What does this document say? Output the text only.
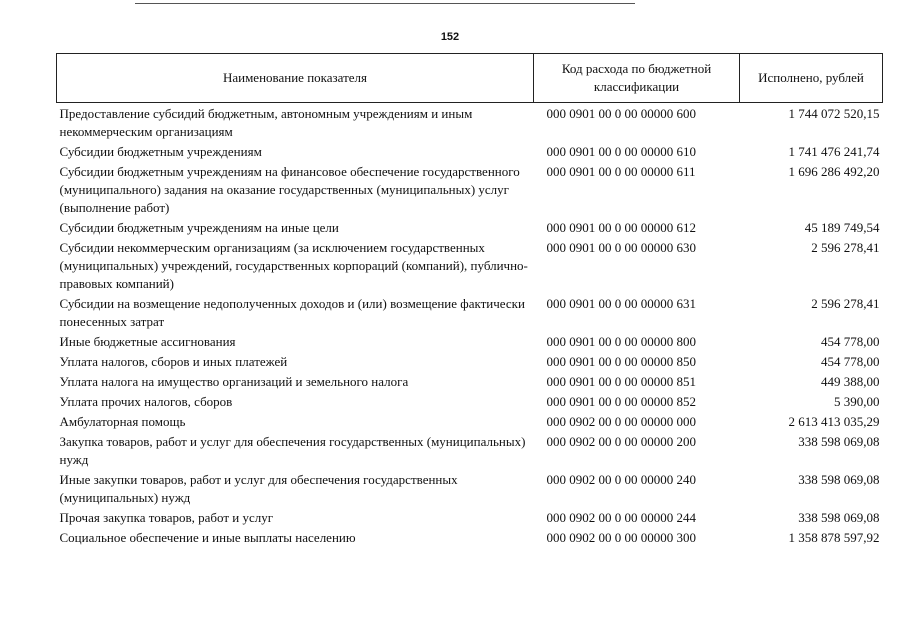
152
Наименование показателя	Код расхода по бюджетной классификации	Исполнено, рублей
Предоставление субсидий бюджетным, автономным учреждениям и иным некоммерческим организациям	000 0901 00 0 00 00000 600	1 744 072 520,15
Субсидии бюджетным учреждениям	000 0901 00 0 00 00000 610	1 741 476 241,74
Субсидии бюджетным учреждениям на финансовое обеспечение государственного (муниципального) задания на оказание государственных (муниципальных) услуг (выполнение работ)	000 0901 00 0 00 00000 611	1 696 286 492,20
Субсидии бюджетным учреждениям на иные цели	000 0901 00 0 00 00000 612	45 189 749,54
Субсидии некоммерческим организациям (за исключением государственных (муниципальных) учреждений, государственных корпораций (компаний), публично-правовых компаний)	000 0901 00 0 00 00000 630	2 596 278,41
Субсидии на возмещение недополученных доходов и (или) возмещение фактически понесенных затрат	000 0901 00 0 00 00000 631	2 596 278,41
Иные бюджетные ассигнования	000 0901 00 0 00 00000 800	454 778,00
Уплата налогов, сборов и иных платежей	000 0901 00 0 00 00000 850	454 778,00
Уплата налога на имущество организаций и земельного налога	000 0901 00 0 00 00000 851	449 388,00
Уплата прочих налогов, сборов	000 0901 00 0 00 00000 852	5 390,00
Амбулаторная помощь	000 0902 00 0 00 00000 000	2 613 413 035,29
Закупка товаров, работ и услуг для обеспечения государственных (муниципальных) нужд	000 0902 00 0 00 00000 200	338 598 069,08
Иные закупки товаров, работ и услуг для обеспечения государственных (муниципальных) нужд	000 0902 00 0 00 00000 240	338 598 069,08
Прочая закупка товаров, работ и услуг	000 0902 00 0 00 00000 244	338 598 069,08
Социальное обеспечение и иные выплаты населению	000 0902 00 0 00 00000 300	1 358 878 597,92
